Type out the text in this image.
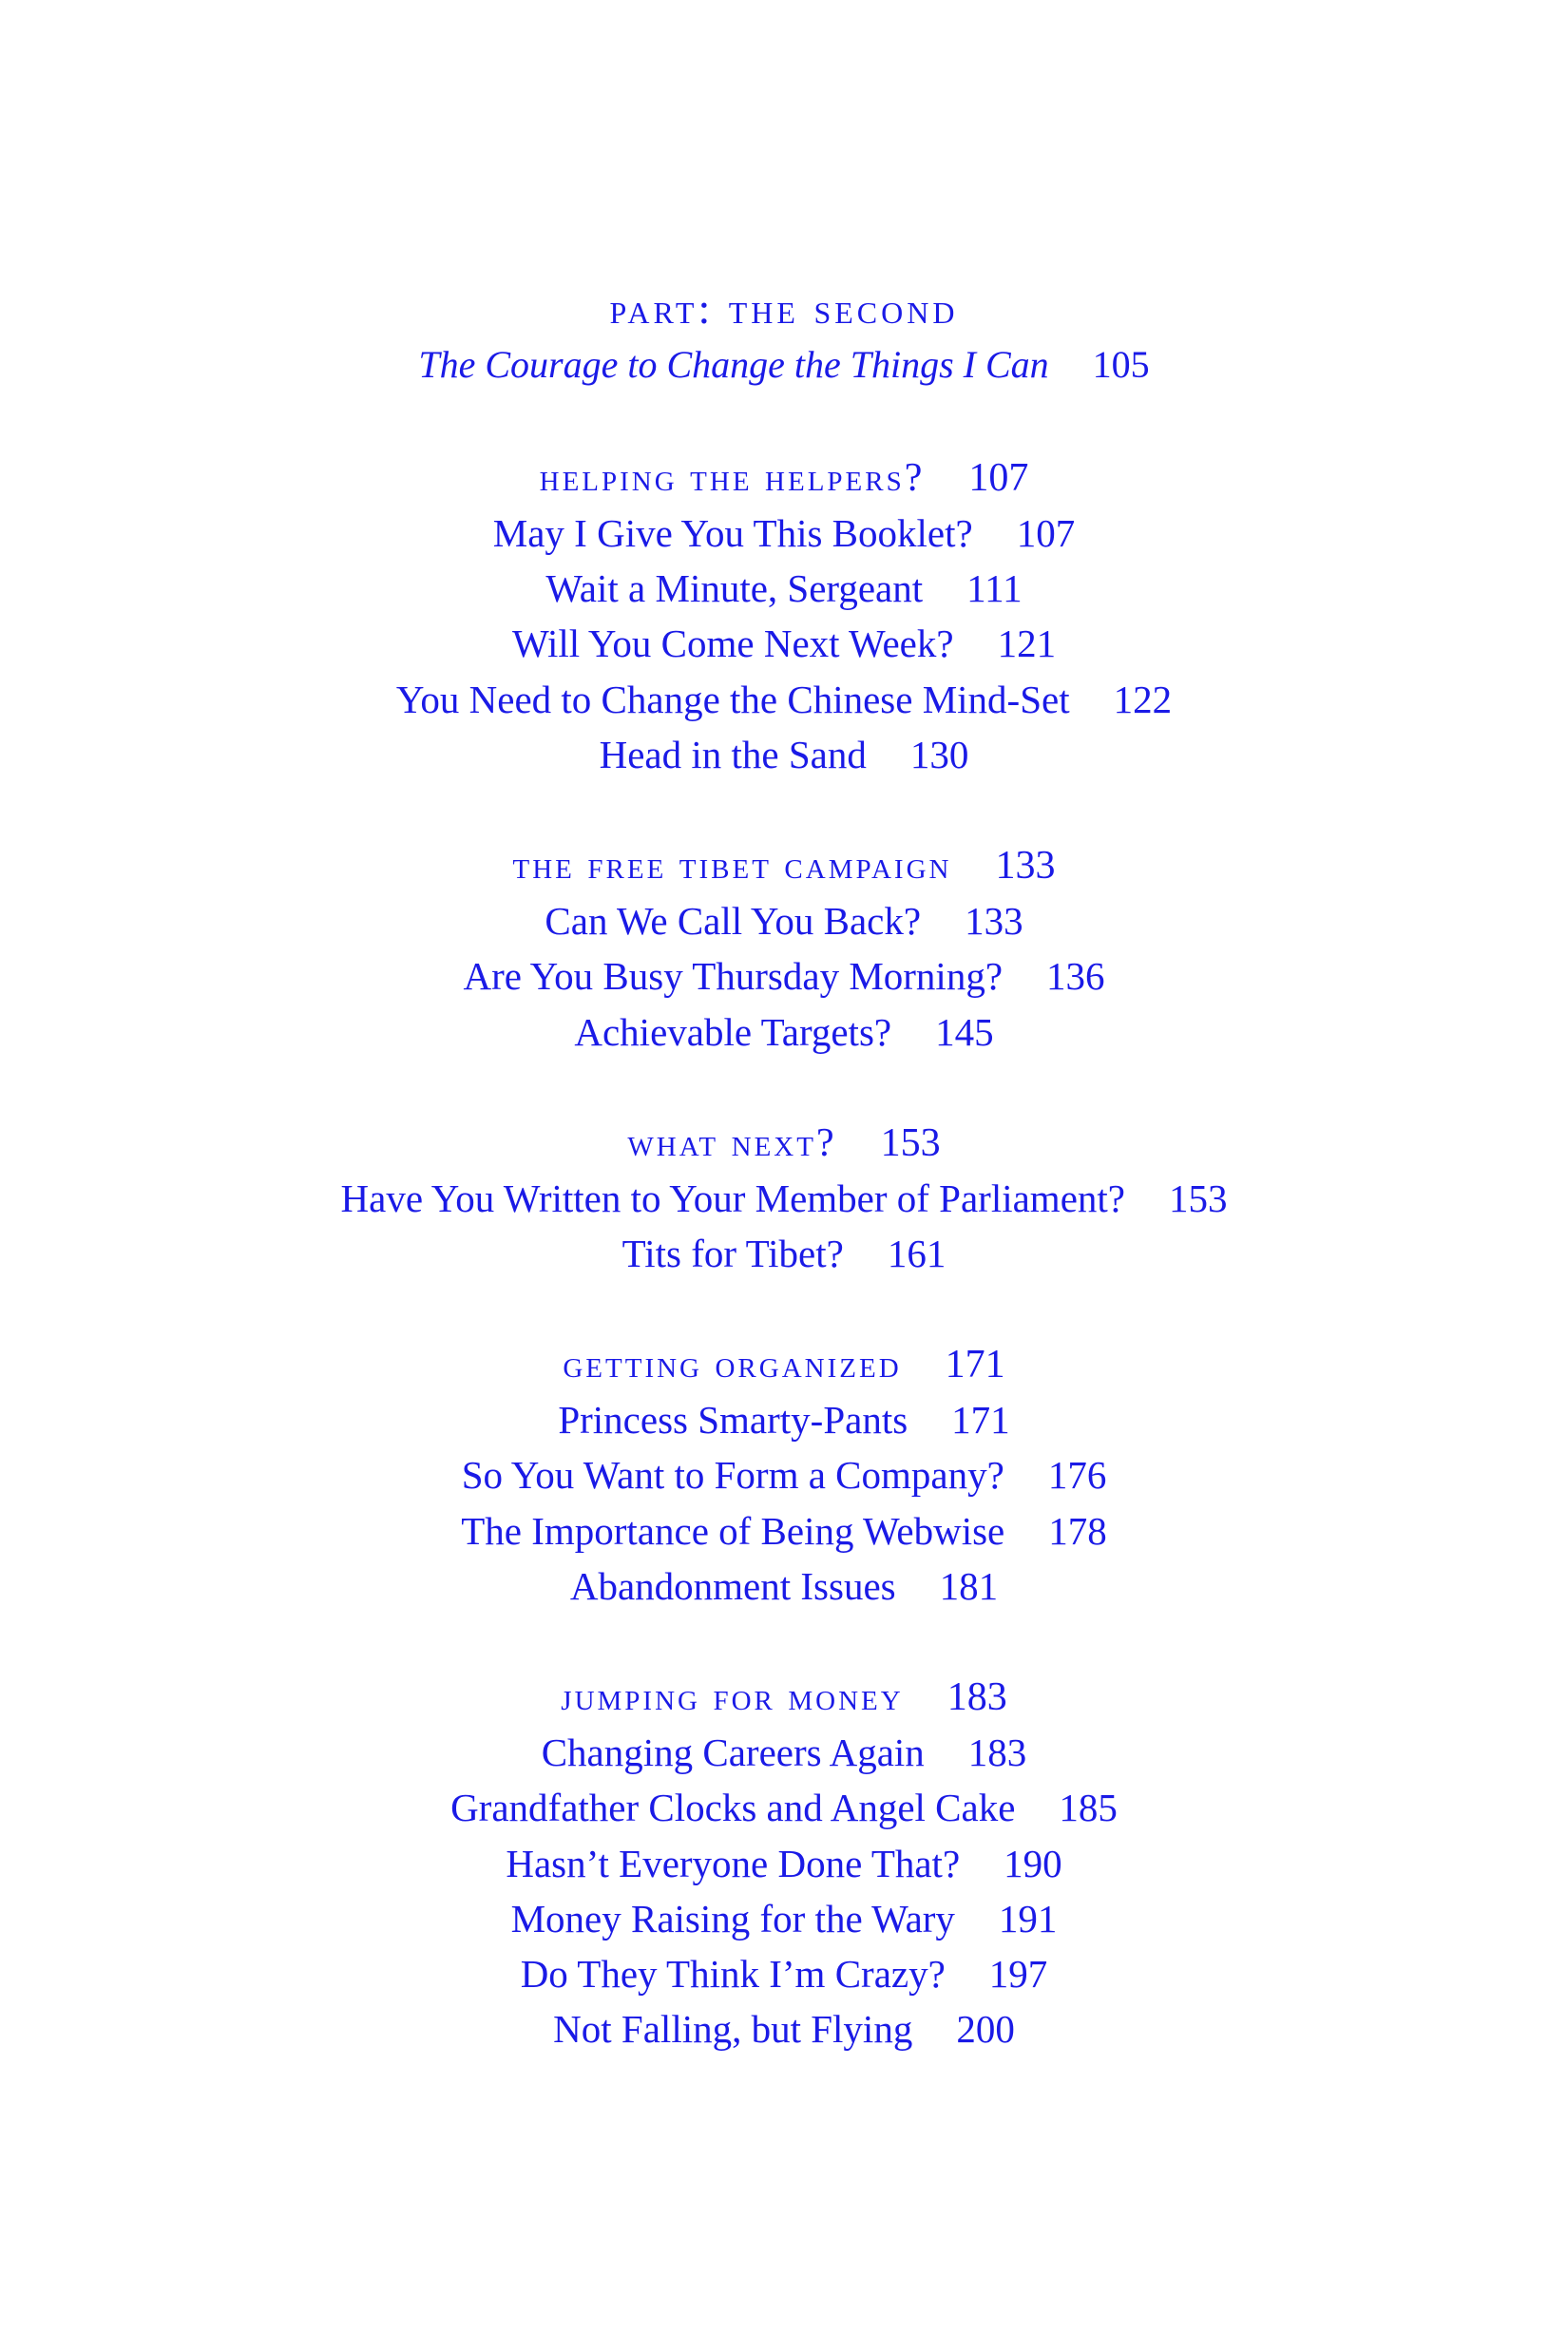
part: the second
The Courage to Change the Things I Can 105
helping the helpers? 107
May I Give You This Booklet? 107
Wait a Minute, Sergeant 111
Will You Come Next Week? 121
You Need to Change the Chinese Mind-Set 122
Head in the Sand 130
the free tibet campaign 133
Can We Call You Back? 133
Are You Busy Thursday Morning? 136
Achievable Targets? 145
what next? 153
Have You Written to Your Member of Parliament? 153
Tits for Tibet? 161
getting organized 171
Princess Smarty-Pants 171
So You Want to Form a Company? 176
The Importance of Being Webwise 178
Abandonment Issues 181
jumping for money 183
Changing Careers Again 183
Grandfather Clocks and Angel Cake 185
Hasn’t Everyone Done That? 190
Money Raising for the Wary 191
Do They Think I’m Crazy? 197
Not Falling, but Flying 200
